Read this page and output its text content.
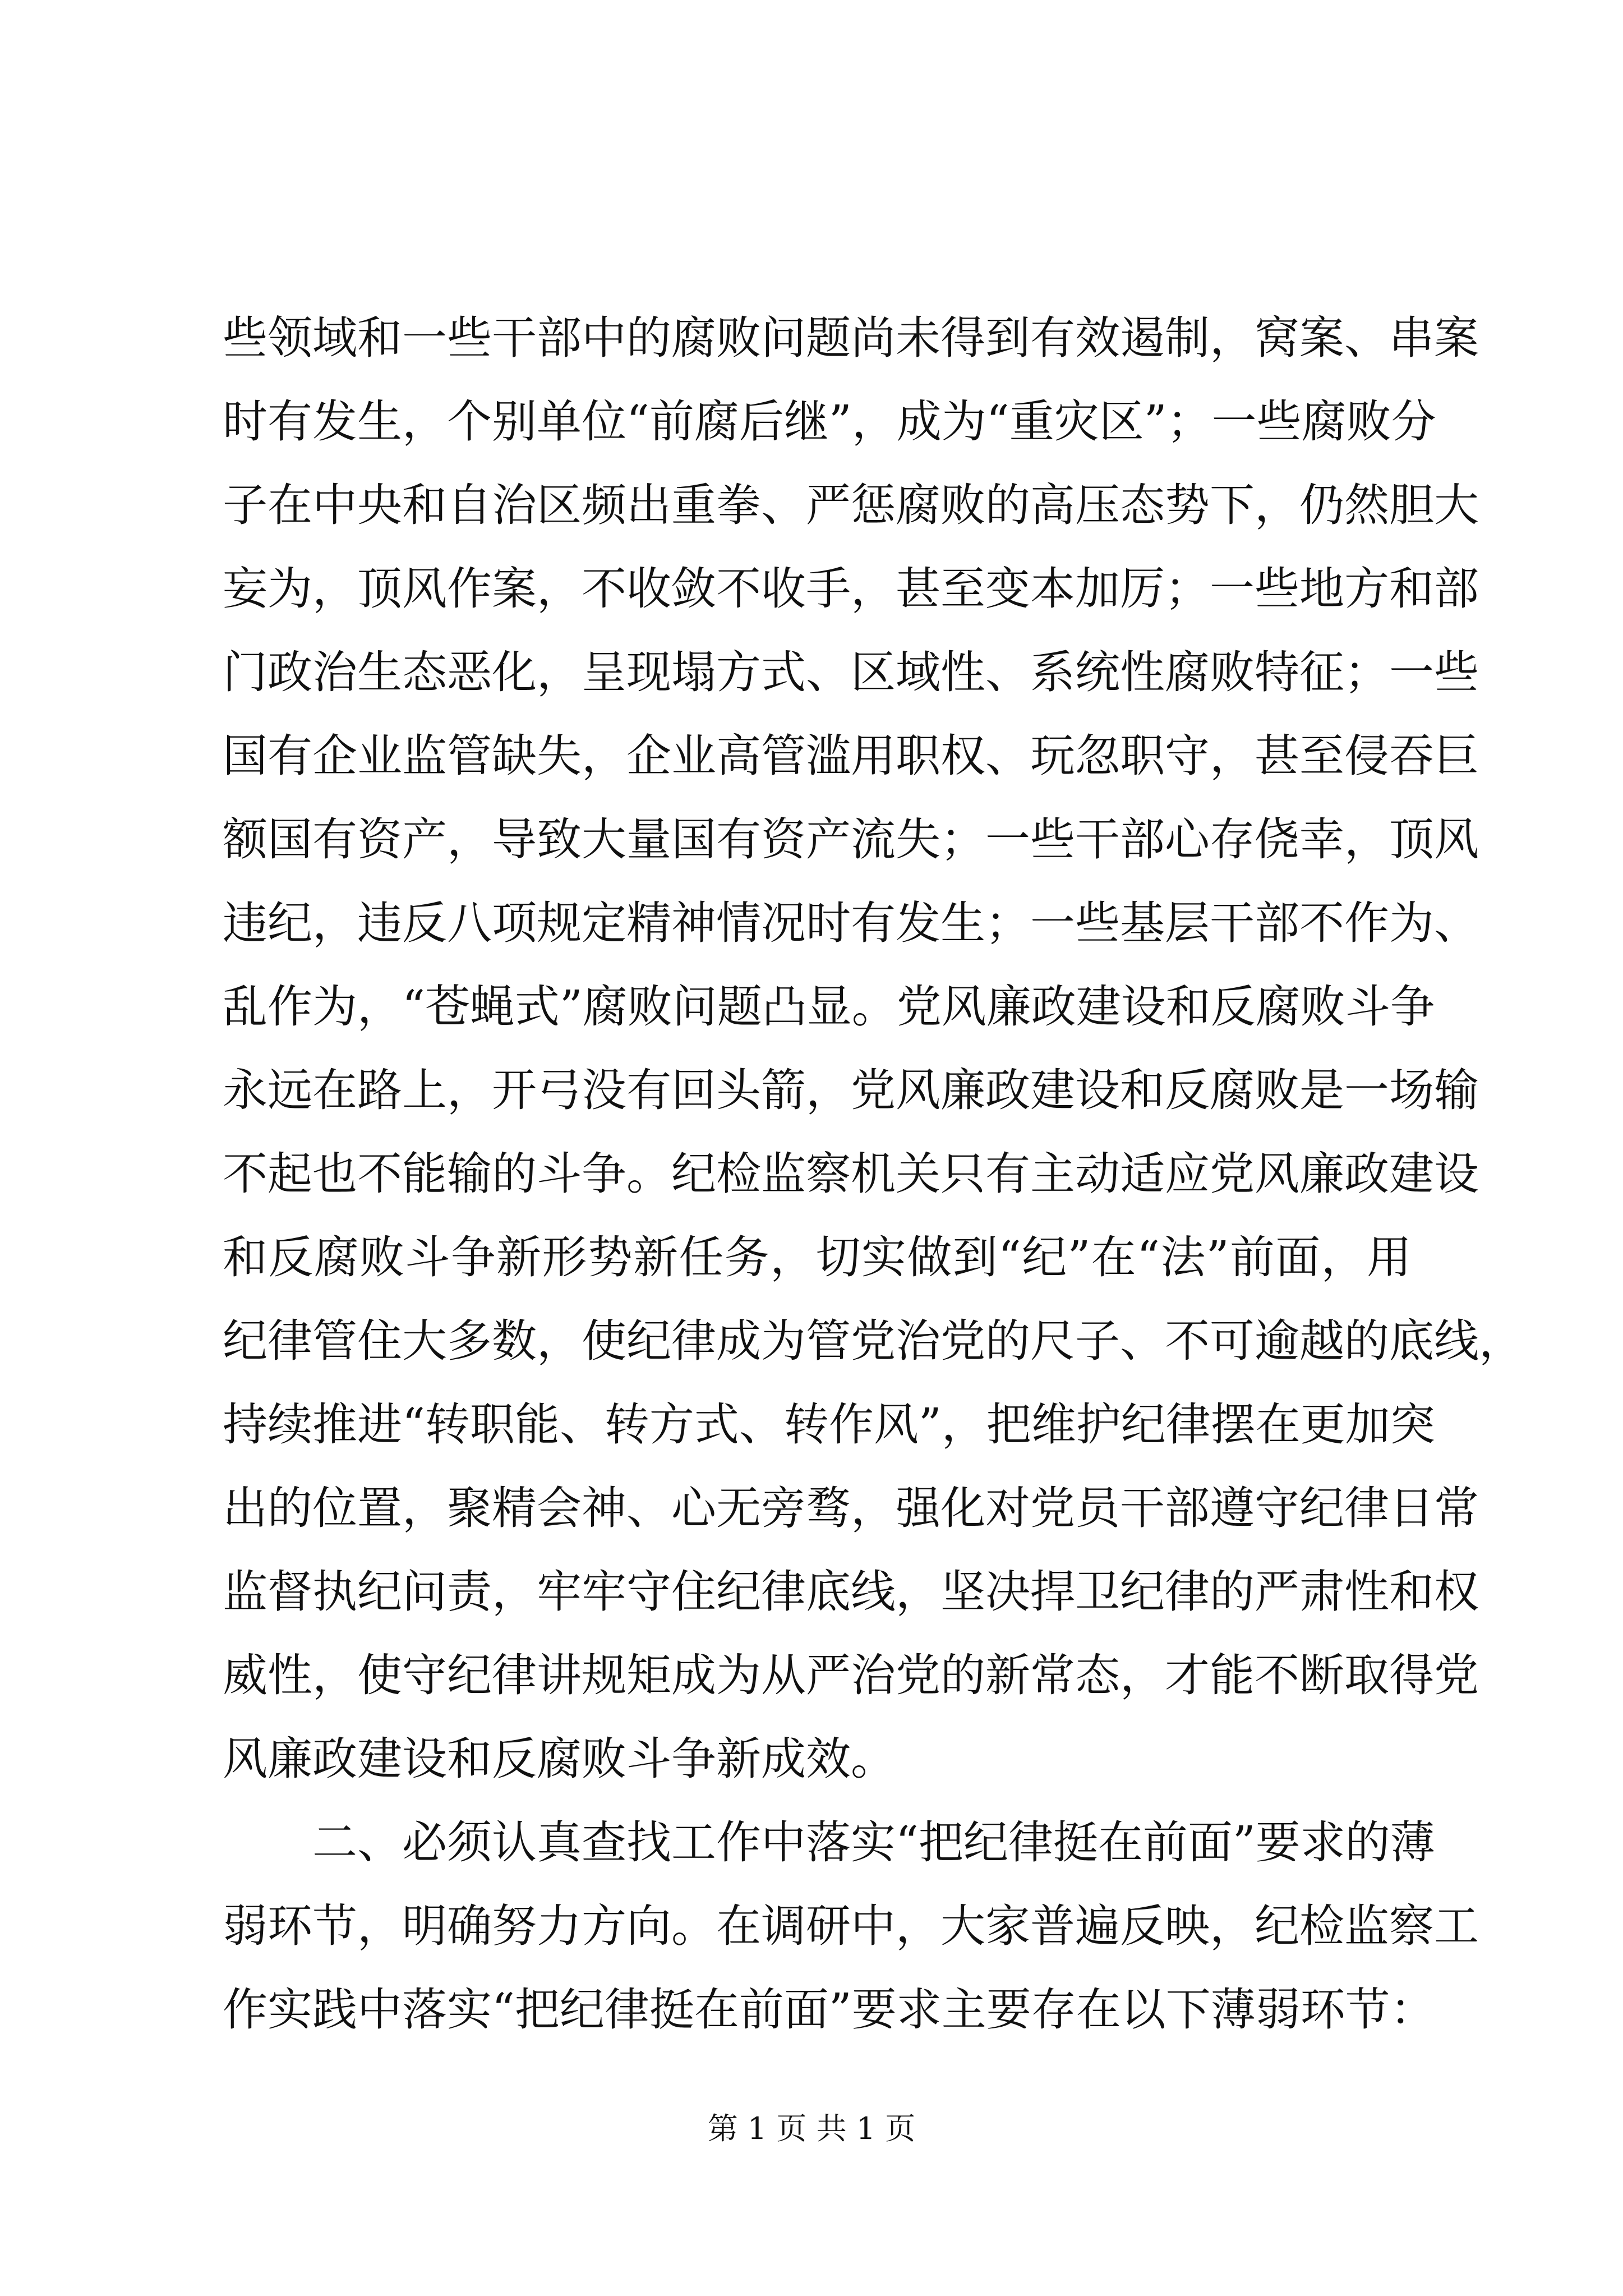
些领域和一些干部中的腐败问题尚未得到有效遏制，窝案、串案
时有发生，个别单位“前腐后继”，成为“重灾区”；一些腐败分
子在中央和自治区频出重拳、严惩腐败的高压态势下，仍然胆大
妄为，顶风作案，不收敛不收手，甚至变本加厉；一些地方和部
门政治生态恶化，呈现塌方式、区域性、系统性腐败特征；一些
国有企业监管缺失，企业高管滥用职权、玩忽职守，甚至侵吞巨
额国有资产，导致大量国有资产流失；一些干部心存侥幸，顶风
违纪，违反八项规定精神情况时有发生；一些基层干部不作为、
乱作为，“苍蝇式”腐败问题凸显。党风廉政建设和反腐败斗争
永远在路上，开弓没有回头箭，党风廉政建设和反腐败是一场输
不起也不能输的斗争。纪检监察机关只有主动适应党风廉政建设
和反腐败斗争新形势新任务，切实做到“纪”在“法”前面，用
纪律管住大多数，使纪律成为管党治党的尺子、不可逾越的底线，
持续推进“转职能、转方式、转作风”，把维护纪律摆在更加突
出的位置，聚精会神、心无旁骛，强化对党员干部遵守纪律日常
监督执纪问责，牢牢守住纪律底线，坚决捍卫纪律的严肃性和权
威性，使守纪律讲规矩成为从严治党的新常态，才能不断取得党
风廉政建设和反腐败斗争新成效。
二、必须认真查找工作中落实“把纪律挺在前面”要求的薄
弱环节，明确努力方向。在调研中，大家普遍反映，纪检监察工
作实践中落实“把纪律挺在前面”要求主要存在以下薄弱环节：
第 1 页 共 1 页
